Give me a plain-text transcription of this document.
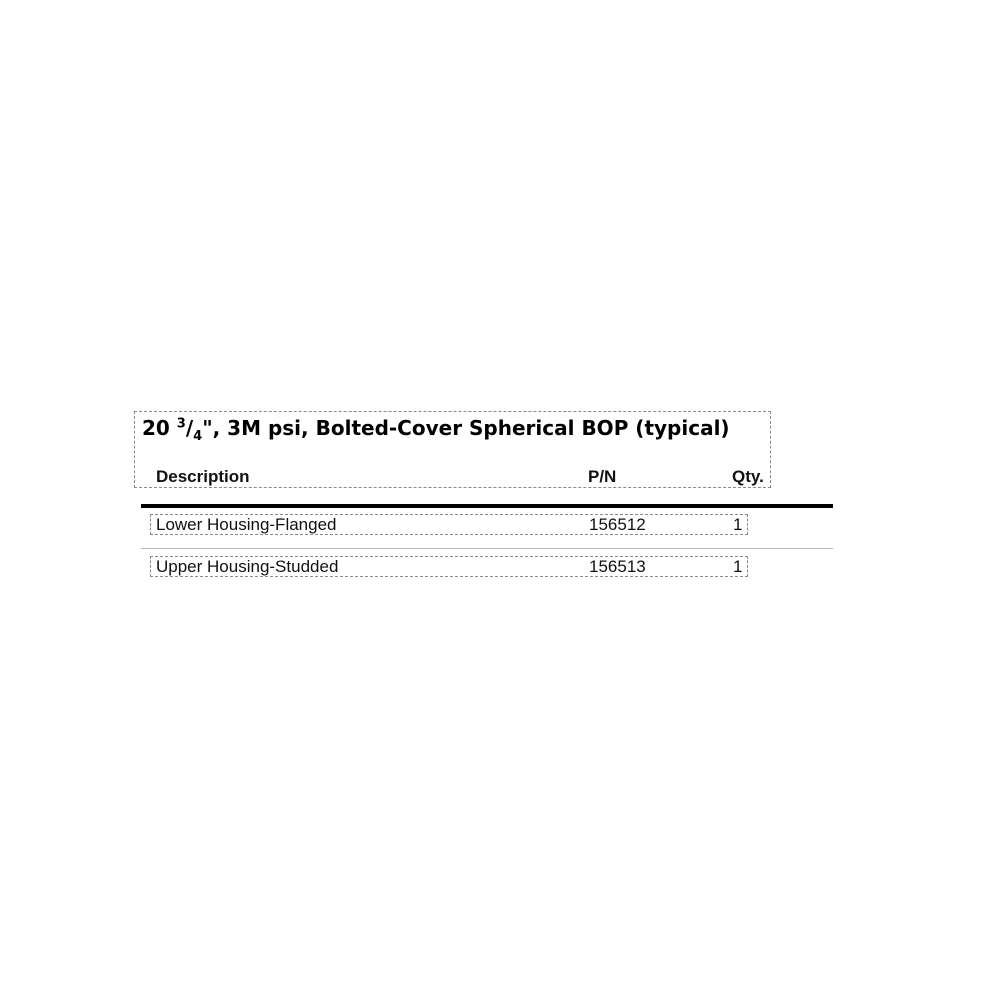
20 $^3/_4$", 3M psi, Bolted-Cover Spherical BOP (typical)
Description	P/N	Qty.
Lower Housing-Flanged	156512	1
Upper Housing-Studded	156513	1
